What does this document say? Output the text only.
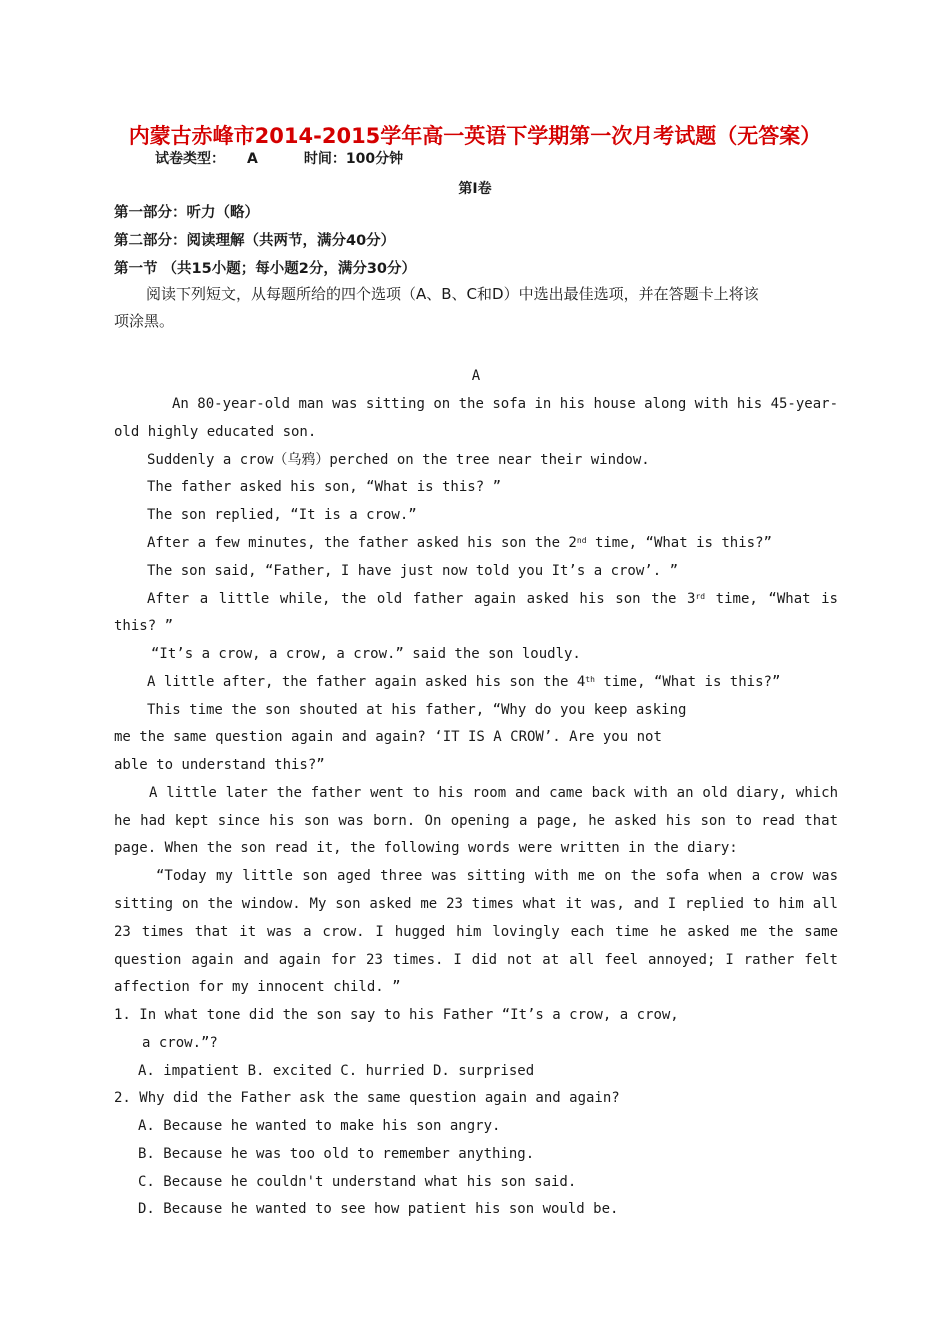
内蒙古赤峰市2014-2015学年高一英语下学期第一次月考试题（无答案）
试卷类型： A	时间：100分钟
第Ⅰ卷
第一部分：听力（略）
第二部分：阅读理解（共两节，满分40分）
第一节 （共15小题；每小题2分，满分30分）
阅读下列短文，从每题所给的四个选项（A、B、C和D）中选出最佳选项，并在答题卡上将该
项涂黑。
A
An 80-year-old man was sitting on the sofa in his house along with his 45-year-
old highly educated son.
Suddenly a crow（乌鸦）perched on the tree near their window.
The father asked his son, “What is this? ”
The son replied, “It is a crow.”
After a few minutes, the father asked his son the 2nd time, “What is this?”
The son said, “Father, I have just now told you It’s a crow’. ”
After a little while, the old father again asked his son the 3rd time, “What is
this? ”
“It’s a crow, a crow, a crow.” said the son loudly.
A little after, the father again asked his son the 4th time, “What is this?”
This time the son shouted at his father, “Why do you keep asking
me the same question again and again? ‘IT IS A CROW’. Are you not
able to understand this?”
A little later the father went to his room and came back with an old diary, which
he had kept since his son was born. On opening a page, he asked his son to read that
page. When the son read it, the following words were written in the diary:
“Today my little son aged three was sitting with me on the sofa when a crow was
sitting on the window. My son asked me 23 times what it was, and I replied to him all
23 times that it was a crow. I hugged him lovingly each time he asked me the same
question again and again for 23 times. I did not at all feel annoyed; I rather felt
affection for my innocent child. ”
1. In what tone did the son say to his Father “It’s a crow, a crow,
a crow.”?
A. impatient B. excited C. hurried D. surprised
2. Why did the Father ask the same question again and again?
A. Because he wanted to make his son angry.
B. Because he was too old to remember anything.
C. Because he couldn't understand what his son said.
D. Because he wanted to see how patient his son would be.
